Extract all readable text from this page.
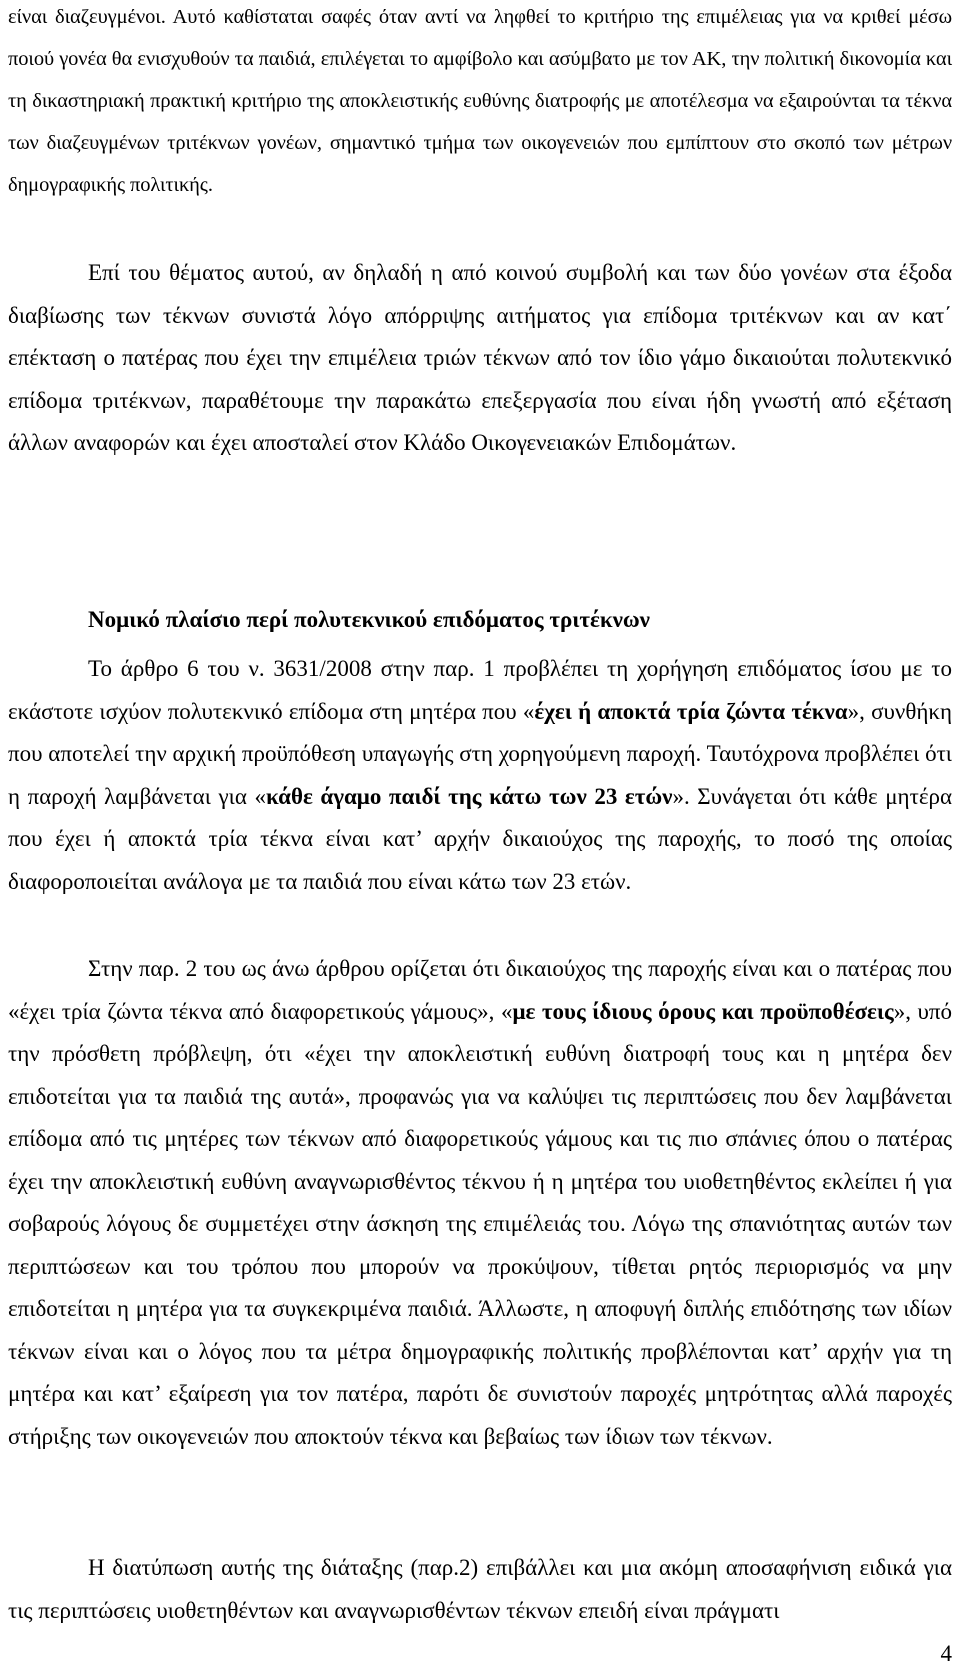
είναι διαζευγμένοι. Αυτό καθίσταται σαφές όταν αντί να ληφθεί το κριτήριο της επιμέλειας για να κριθεί μέσω ποιού γονέα θα ενισχυθούν τα παιδιά, επιλέγεται το αμφίβολο και ασύμβατο με τον ΑΚ, την πολιτική δικονομία και τη δικαστηριακή πρακτική κριτήριο της αποκλειστικής ευθύνης διατροφής με αποτέλεσμα να εξαιρούνται τα τέκνα των διαζευγμένων τριτέκνων γονέων, σημαντικό τμήμα των οικογενειών που εμπίπτουν στο σκοπό των μέτρων δημογραφικής πολιτικής.

Επί του θέματος αυτού, αν δηλαδή η από κοινού συμβολή και των δύο γονέων στα έξοδα διαβίωσης των τέκνων συνιστά λόγο απόρριψης αιτήματος για επίδομα τριτέκνων και αν κατ΄ επέκταση ο πατέρας που έχει την επιμέλεια τριών τέκνων από τον ίδιο γάμο δικαιούται πολυτεκνικό επίδομα τριτέκνων, παραθέτουμε την παρακάτω επεξεργασία που είναι ήδη γνωστή από εξέταση άλλων αναφορών και έχει αποσταλεί στον Κλάδο Οικογενειακών Επιδομάτων.

Νομικό πλαίσιο περί πολυτεκνικού επιδόματος τριτέκνων

Το άρθρο 6 του ν. 3631/2008 στην παρ. 1 προβλέπει τη χορήγηση επιδόματος ίσου με το εκάστοτε ισχύον πολυτεκνικό επίδομα στη μητέρα που «έχει ή αποκτά τρία ζώντα τέκνα», συνθήκη που αποτελεί την αρχική προϋπόθεση υπαγωγής στη χορηγούμενη παροχή. Ταυτόχρονα προβλέπει ότι η παροχή λαμβάνεται για «κάθε άγαμο παιδί της κάτω των 23 ετών». Συνάγεται ότι κάθε μητέρα που έχει ή αποκτά τρία τέκνα είναι κατ’ αρχήν δικαιούχος της παροχής, το ποσό της οποίας διαφοροποιείται ανάλογα με τα παιδιά που είναι κάτω των 23 ετών.

Στην παρ. 2 του ως άνω άρθρου ορίζεται ότι δικαιούχος της παροχής είναι και ο πατέρας που «έχει τρία ζώντα τέκνα από διαφορετικούς γάμους», «με τους ίδιους όρους και προϋποθέσεις», υπό την πρόσθετη πρόβλεψη, ότι «έχει την αποκλειστική ευθύνη διατροφή τους και η μητέρα δεν επιδοτείται για τα παιδιά της αυτά», προφανώς για να καλύψει τις περιπτώσεις που δεν λαμβάνεται επίδομα από τις μητέρες των τέκνων από διαφορετικούς γάμους και τις πιο σπάνιες όπου ο πατέρας έχει την αποκλειστική ευθύνη αναγνωρισθέντος τέκνου ή η μητέρα του υιοθετηθέντος εκλείπει ή για σοβαρούς λόγους δε συμμετέχει στην άσκηση της επιμέλειάς του. Λόγω της σπανιότητας αυτών των περιπτώσεων και του τρόπου που μπορούν να προκύψουν, τίθεται ρητός περιορισμός να μην επιδοτείται η μητέρα για τα συγκεκριμένα παιδιά. Άλλωστε, η αποφυγή διπλής επιδότησης των ιδίων τέκνων είναι και ο λόγος που τα μέτρα δημογραφικής πολιτικής προβλέπονται κατ’ αρχήν για τη μητέρα και κατ’ εξαίρεση για τον πατέρα, παρότι δε συνιστούν παροχές μητρότητας αλλά παροχές στήριξης των οικογενειών που αποκτούν τέκνα και βεβαίως των ίδιων των τέκνων.

Η διατύπωση αυτής της διάταξης (παρ.2) επιβάλλει και μια ακόμη αποσαφήνιση ειδικά για τις περιπτώσεις υιοθετηθέντων και αναγνωρισθέντων τέκνων επειδή είναι πράγματι

4
